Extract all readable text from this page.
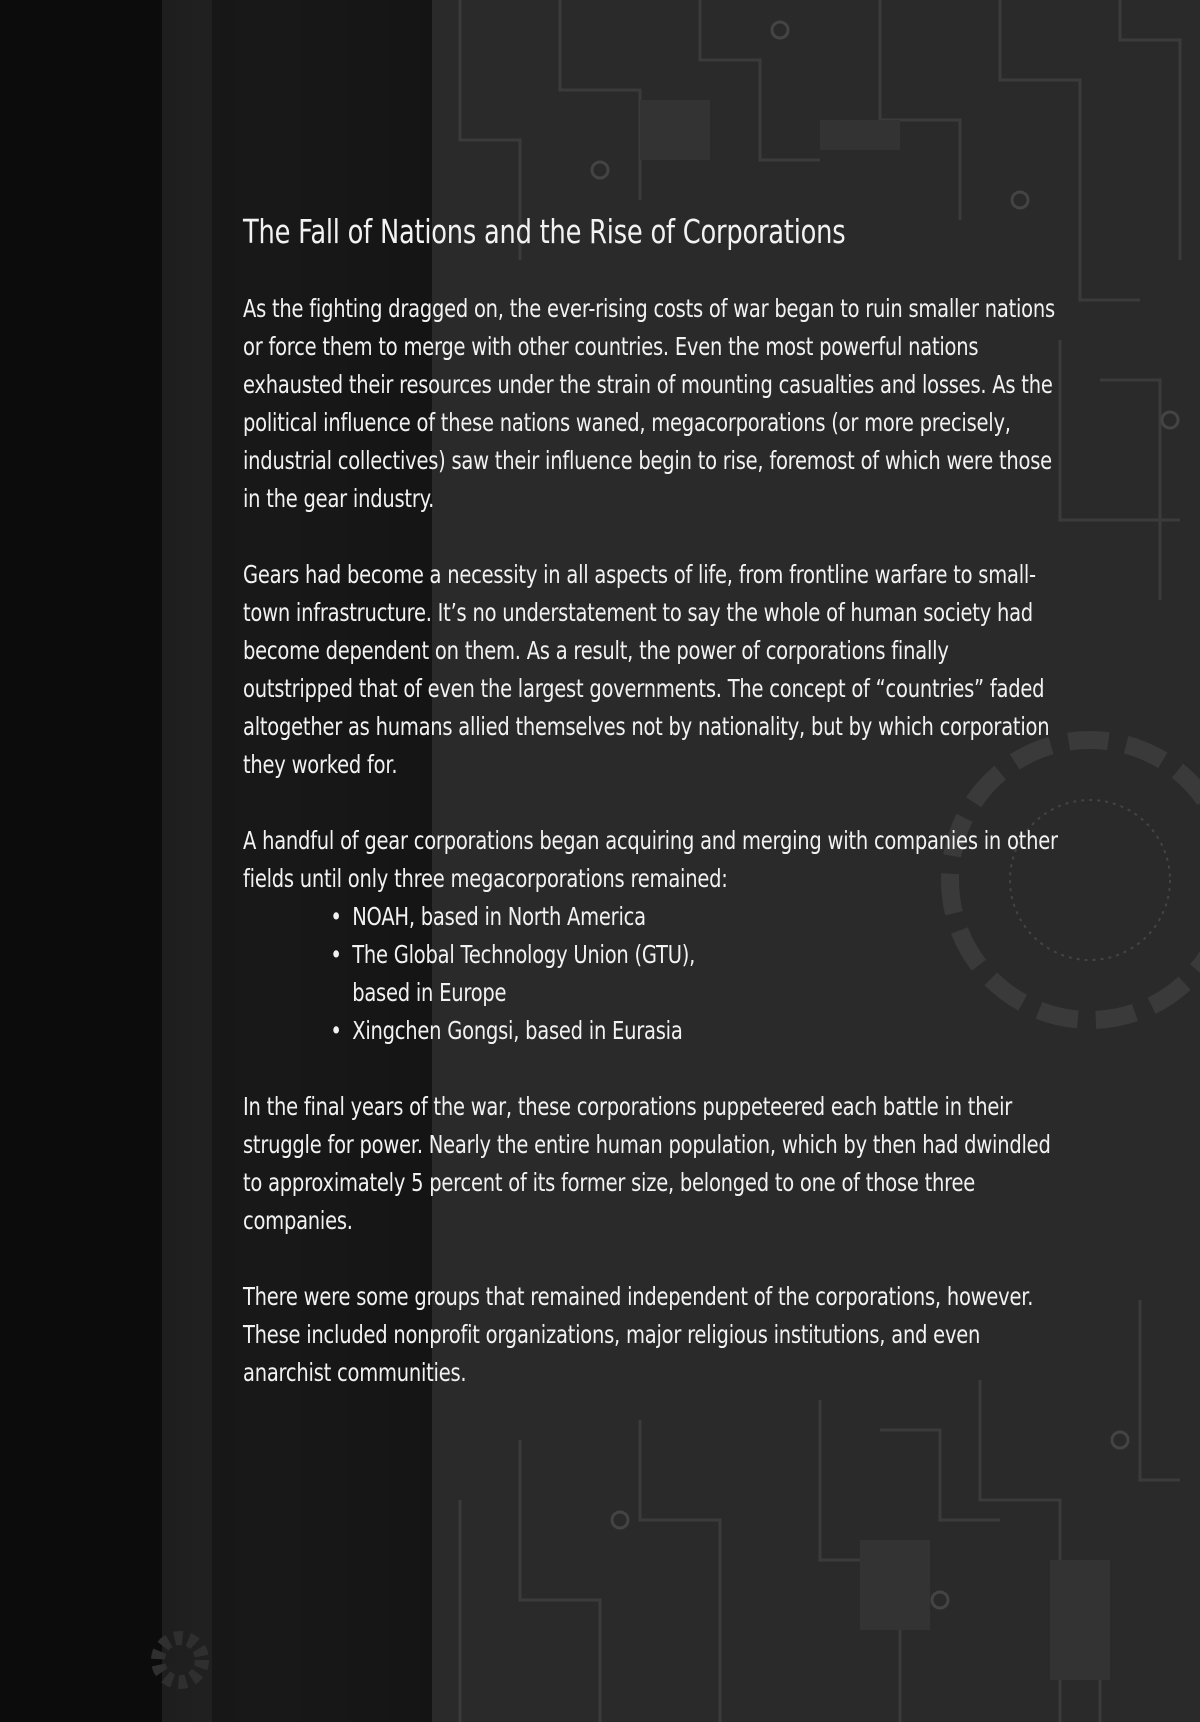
The Fall of Nations and the Rise of Corporations

As the fighting dragged on, the ever-rising costs of war began to ruin smaller nations or force them to merge with other countries. Even the most powerful nations exhausted their resources under the strain of mounting casualties and losses. As the political influence of these nations waned, megacorporations (or more precisely, industrial collectives) saw their influence begin to rise, foremost of which were those in the gear industry.

Gears had become a necessity in all aspects of life, from frontline warfare to small-town infrastructure. It’s no understatement to say the whole of human society had become dependent on them. As a result, the power of corporations finally outstripped that of even the largest governments. The concept of “countries” faded altogether as humans allied themselves not by nationality, but by which corporation they worked for.

A handful of gear corporations began acquiring and merging with companies in other fields until only three megacorporations remained:

• NOAH, based in North America
• The Global Technology Union (GTU),
based in Europe
• Xingchen Gongsi, based in Eurasia

In the final years of the war, these corporations puppeteered each battle in their struggle for power. Nearly the entire human population, which by then had dwindled to approximately 5 percent of its former size, belonged to one of those three companies.

There were some groups that remained independent of the corporations, however. These included nonprofit organizations, major religious institutions, and even anarchist communities.
